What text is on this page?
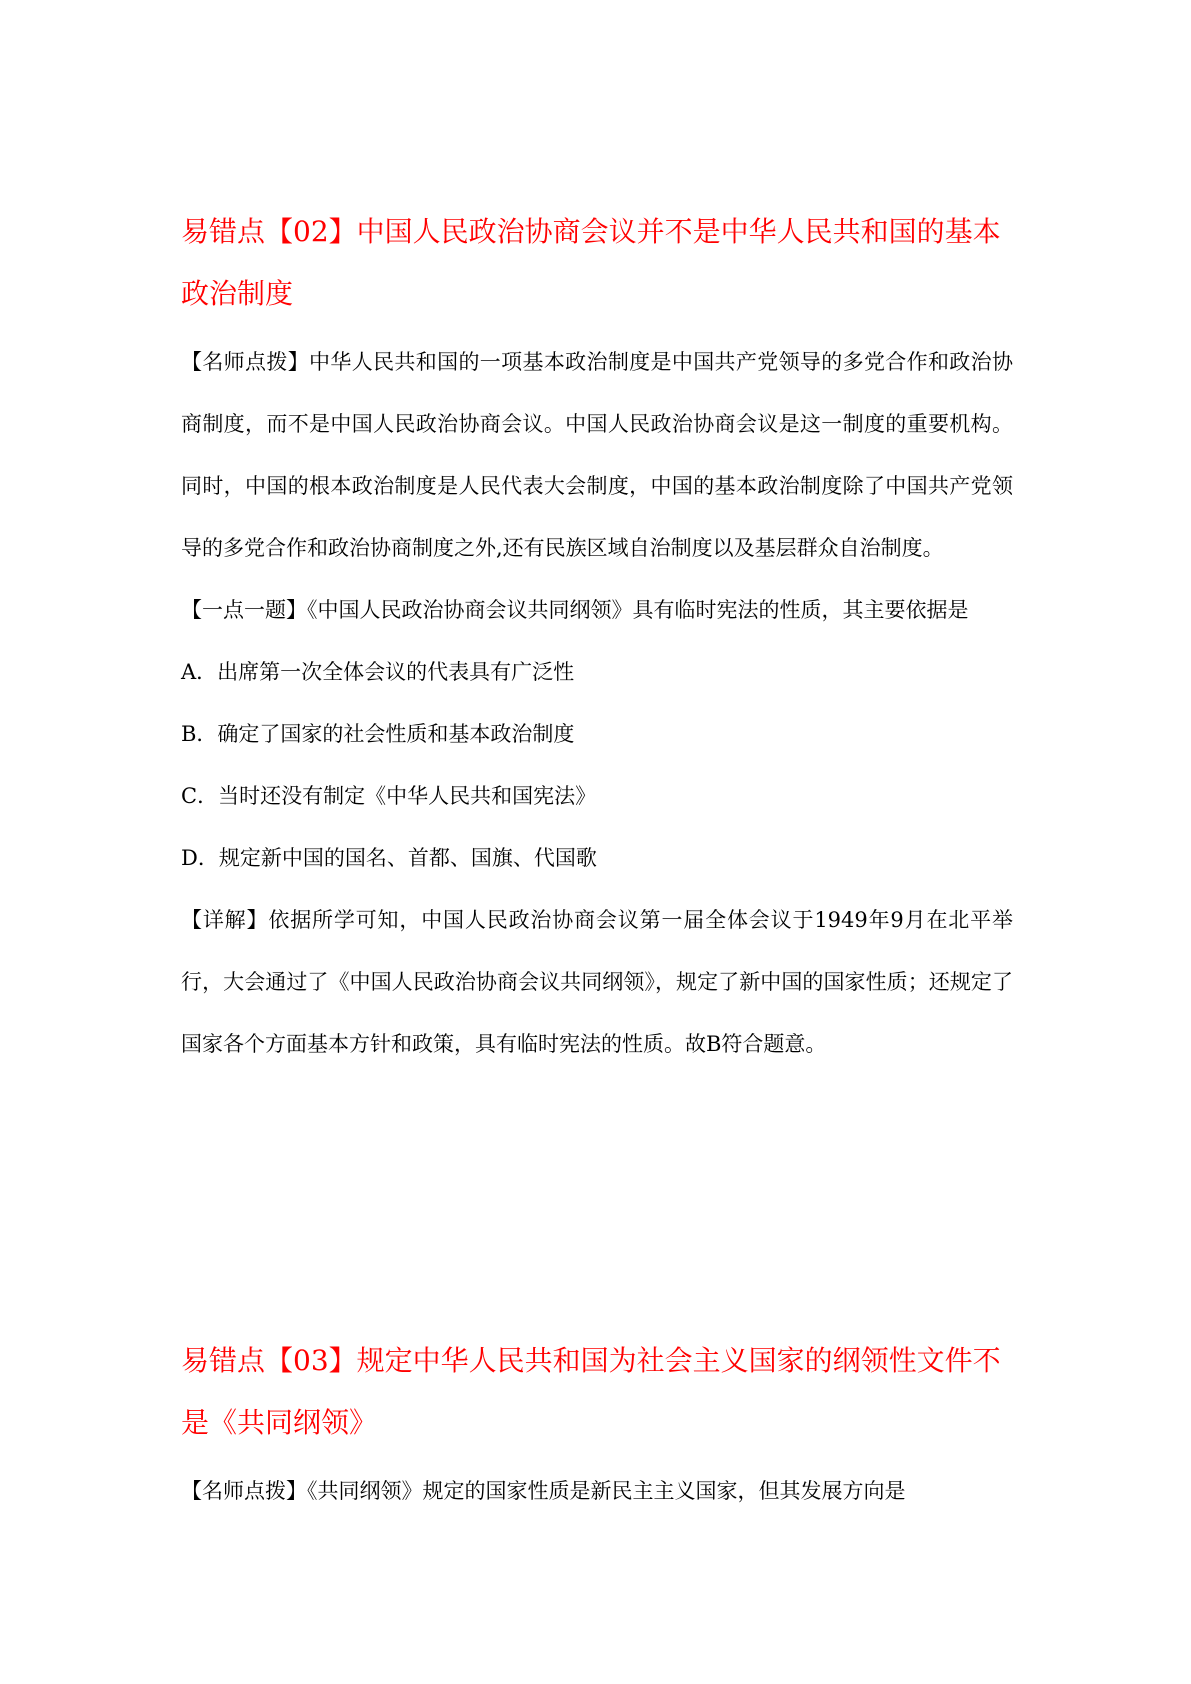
易错点【02】中国人民政治协商会议并不是中华人民共和国的基本政治制度

【名师点拨】中华人民共和国的一项基本政治制度是中国共产党领导的多党合作和政治协商制度，而不是中国人民政治协商会议。中国人民政治协商会议是这一制度的重要机构。同时，中国的根本政治制度是人民代表大会制度，中国的基本政治制度除了中国共产党领导的多党合作和政治协商制度之外,还有民族区域自治制度以及基层群众自治制度。

【一点一题】《中国人民政治协商会议共同纲领》具有临时宪法的性质，其主要依据是

A．出席第一次全体会议的代表具有广泛性

B．确定了国家的社会性质和基本政治制度

C．当时还没有制定《中华人民共和国宪法》

D．规定新中国的国名、首都、国旗、代国歌

【详解】依据所学可知，中国人民政治协商会议第一届全体会议于1949年9月在北平举行，大会通过了《中国人民政治协商会议共同纲领》，规定了新中国的国家性质；还规定了国家各个方面基本方针和政策，具有临时宪法的性质。故B符合题意。

易错点【03】规定中华人民共和国为社会主义国家的纲领性文件不是《共同纲领》

【名师点拨】《共同纲领》规定的国家性质是新民主主义国家，但其发展方向是
